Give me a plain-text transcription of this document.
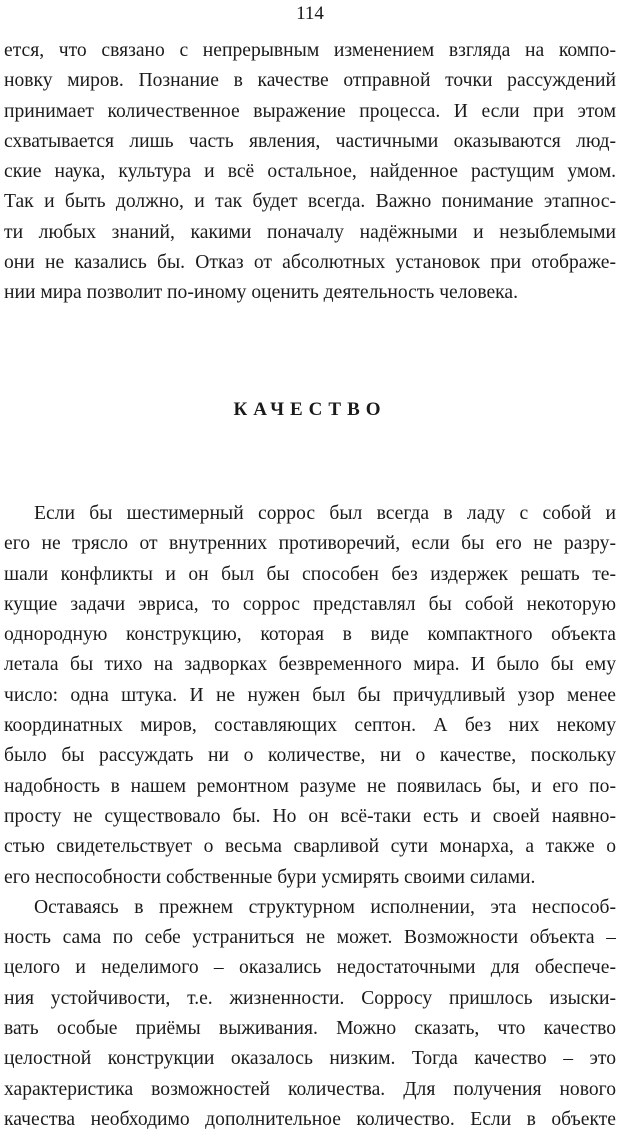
114
ется, что связано с непрерывным изменением взгляда на компо-
новку миров. Познание в качестве отправной точки рассуждений
принимает количественное выражение процесса. И если при этом
схватывается лишь часть явления, частичными оказываются люд-
ские наука, культура и всё остальное, найденное растущим умом.
Так и быть должно, и так будет всегда. Важно понимание этапнос-
ти любых знаний, какими поначалу надёжными и незыблемыми
они не казались бы. Отказ от абсолютных установок при отображе-
нии мира позволит по-иному оценить деятельность человека.
КАЧЕСТВО
Если бы шестимерный соррос был всегда в ладу с собой и
его не трясло от внутренних противоречий, если бы его не разру-
шали конфликты и он был бы способен без издержек решать те-
кущие задачи эвриса, то соррос представлял бы собой некоторую
однородную конструкцию, которая в виде компактного объекта
летала бы тихо на задворках безвременного мира. И было бы ему
число: одна штука. И не нужен был бы причудливый узор менее
координатных миров, составляющих септон. А без них некому
было бы рассуждать ни о количестве, ни о качестве, поскольку
надобность в нашем ремонтном разуме не появилась бы, и его по-
просту не существовало бы. Но он всё-таки есть и своей наявно-
стью свидетельствует о весьма сварливой сути монарха, а также о
его неспособности собственные бури усмирять своими силами.
Оставаясь в прежнем структурном исполнении, эта неспособ-
ность сама по себе устраниться не может. Возможности объекта –
целого и неделимого – оказались недостаточными для обеспече-
ния устойчивости, т.е. жизненности. Сорросу пришлось изыски-
вать особые приёмы выживания. Можно сказать, что качество
целостной конструкции оказалось низким. Тогда качество – это
характеристика возможностей количества. Для получения нового
качества необходимо дополнительное количество. Если в объекте
